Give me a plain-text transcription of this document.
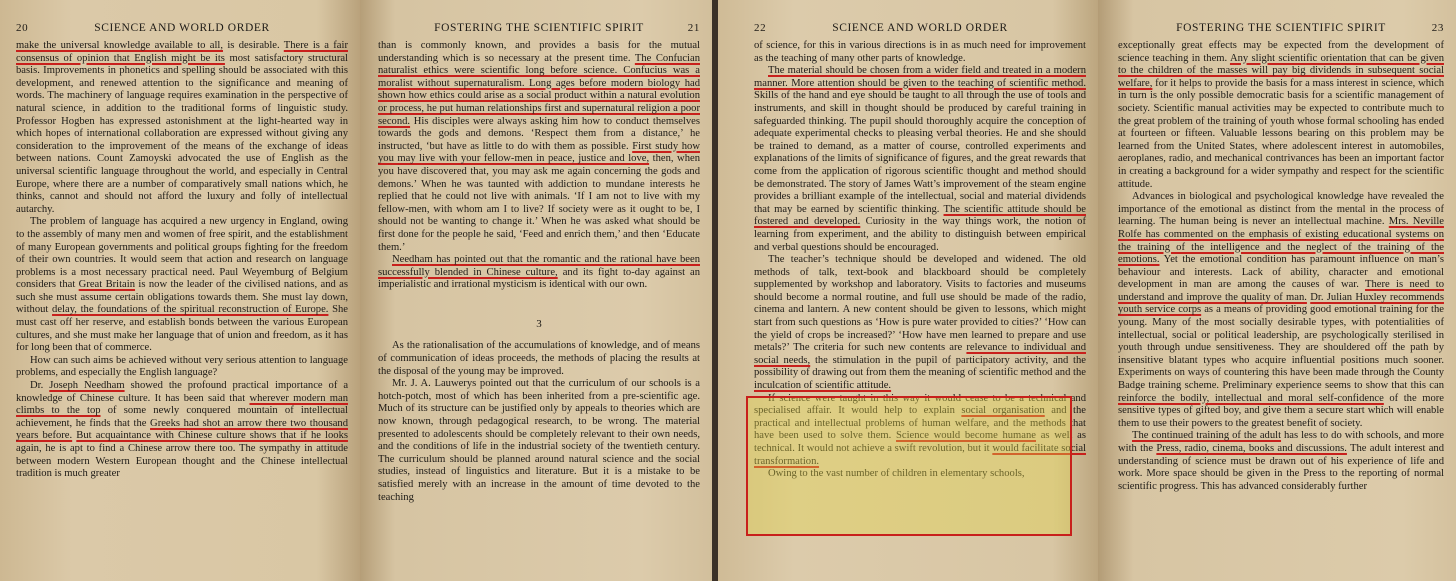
20	SCIENCE AND WORLD ORDER

make the universal knowledge available to all, is desirable. There is a fair consensus of opinion that English might be its most satisfactory structural basis. Improvements in phonetics and spelling should be associated with this development, and renewed attention to the significance and meaning of words. The machinery of language requires examination in the perspective of natural science, in addition to the traditional forms of linguistic study. Professor Hogben has expressed astonishment at the light-hearted way in which hopes of international collaboration are expressed without giving any consideration to the improvement of the means of the exchange of ideas between nations. Count Zamoyski advocated the use of English as the universal scientific language throughout the world, and especially in Central Europe, where there are a number of comparatively small nations which, he thinks, cannot and should not afford the luxury and folly of intellectual autarchy.

The problem of language has acquired a new urgency in England, owing to the assembly of many men and women of free spirit, and the establishment of many European governments and political groups fighting for the freedom of their own countries. It would seem that action and research on language problems is a most necessary practical need. Paul Weyemburg of Belgium considers that Great Britain is now the leader of the civilised nations, and as such she must assume certain obligations towards them. She must lay down, without delay, the foundations of the spiritual reconstruction of Europe. She must cast off her reserve, and establish bonds between the various European cultures, and she must make her language that of union and freedom, as it has for long been that of commerce.

How can such aims be achieved without very serious attention to language problems, and especially the English language?

Dr. Joseph Needham showed the profound practical importance of a knowledge of Chinese culture. It has been said that wherever modern man climbs to the top of some newly conquered mountain of intellectual achievement, he finds that the Greeks had shot an arrow there two thousand years before. But acquaintance with Chinese culture shows that if he looks again, he is apt to find a Chinese arrow there too. The sympathy in attitude between modern Western European thought and the Chinese intellectual tradition is much greater

FOSTERING THE SCIENTIFIC SPIRIT	21

than is commonly known, and provides a basis for the mutual understanding which is so necessary at the present time. The Confucian naturalist ethics were scientific long before science. Confucius was a moralist without supernaturalism. Long ages before modern biology had shown how ethics could arise as a social product within a natural evolution or process, he put human relationships first and supernatural religion a poor second. His disciples were always asking him how to conduct themselves towards the gods and demons. ‘Respect them from a distance,’ he instructed, ‘but have as little to do with them as possible. First study how you may live with your fellow-men in peace, justice and love, then, when you have discovered that, you may ask me again concerning the gods and demons.’ When he was taunted with addiction to mundane interests he replied that he could not live with animals. ‘If I am not to live with my fellow-men, with whom am I to live? If society were as it ought to be, I should not be wanting to change it.’ When he was asked what should be first done for the people he said, ‘Feed and enrich them,’ and then ‘Educate them.’

Needham has pointed out that the romantic and the rational have been successfully blended in Chinese culture, and its fight to-day against an imperialistic and irrational mysticism is identical with our own.

3

As the rationalisation of the accumulations of knowledge, and of means of communication of ideas proceeds, the methods of placing the results at the disposal of the young may be improved.

Mr. J. A. Lauwerys pointed out that the curriculum of our schools is a hotch-potch, most of which has been inherited from a pre-scientific age. Much of its structure can be justified only by appeals to theories which are now known, through pedagogical research, to be wrong. The material presented to adolescents should be completely relevant to their own needs, and the conditions of life in the industrial society of the twentieth century. The curriculum should be planned around natural science and the social studies, instead of linguistics and literature. But it is a mistake to be satisfied merely with an increase in the amount of time devoted to the teaching

22	SCIENCE AND WORLD ORDER

of science, for this in various directions is in as much need for improvement as the teaching of many other parts of knowledge.

The material should be chosen from a wider field and treated in a modern manner. More attention should be given to the teaching of scientific method. Skills of the hand and eye should be taught to all through the use of tools and instruments, and skill in thought should be produced by careful training in safeguarded thinking. The pupil should thoroughly acquire the conception of adequate experimental checks to pleasing verbal theories. He and she should be trained to demand, as a matter of course, controlled experiments and explanations of the limits of significance of figures, and the great rewards that come from the application of rigorous scientific thought and method should be demonstrated. The story of James Watt’s improvement of the steam engine provides a brilliant example of the intellectual, social and material dividends that may be earned by scientific thinking. The scientific attitude should be fostered and developed. Curiosity in the way things work, the notion of learning from experiment, and the ability to distinguish between empirical and verbal questions should be encouraged.

The teacher’s technique should be developed and widened. The old methods of talk, text-book and blackboard should be completely supplemented by workshop and laboratory. Visits to factories and museums should become a normal routine, and full use should be made of the radio, cinema and lantern. A new content should be given to lessons, which might start from such questions as ‘How is pure water provided to cities?’ ‘How can the yield of crops be increased?’ ‘How have men learned to prepare and use metals?’ The criteria for such new contents are relevance to individual and social needs, the stimulation in the pupil of participatory activity, and the possibility of drawing out from them the meaning of scientific method and the inculcation of scientific attitude.

If science were taught in this way it would cease to be a technical and specialised affair. It would help to explain social organisation and the practical and intellectual problems of human welfare, and the methods that have been used to solve them. Science would become humane as well as technical. It would not achieve a swift revolution, but it would facilitate social transformation.

Owing to the vast number of children in elementary schools,

FOSTERING THE SCIENTIFIC SPIRIT	23

exceptionally great effects may be expected from the development of science teaching in them. Any slight scientific orientation that can be given to the children of the masses will pay big dividends in subsequent social welfare, for it helps to provide the basis for a mass interest in science, which in turn is the only possible democratic basis for a scientific management of society. Scientific manual activities may be expected to contribute much to the great problem of the training of youth whose formal schooling has ended at fourteen or fifteen. Valuable lessons bearing on this problem may be learned from the United States, where adolescent interest in automobiles, aeroplanes, radio, and mechanical contrivances has been an important factor in creating a background for a wider sympathy and respect for the scientific attitude.

Advances in biological and psychological knowledge have revealed the importance of the emotional as distinct from the mental in the process of learning. The human being is never an intellectual machine. Mrs. Neville Rolfe has commented on the emphasis of existing educational systems on the training of the intelligence and the neglect of the training of the emotions. Yet the emotional condition has paramount influence on man’s behaviour and interests. Lack of ability, character and emotional development in man are among the causes of war. There is need to understand and improve the quality of man. Dr. Julian Huxley recommends youth service corps as a means of providing good emotional training for the young. Many of the most socially desirable types, with potentialities of intellectual, social or political leadership, are psychologically sterilised in youth through undue sensitiveness. They are shouldered off the path by insensitive blatant types who acquire influential positions much sooner. Experiments on ways of countering this have been made through the County Badge training scheme. Preliminary experience seems to show that this can reinforce the bodily, intellectual and moral self-confidence of the more sensitive types of gifted boy, and give them a secure start which will enable them to use their powers to the greatest benefit of society.

The continued training of the adult has less to do with schools, and more with the Press, radio, cinema, books and discussions. The adult interest and understanding of science must be drawn out of his experience of life and work. More space should be given in the Press to the reporting of normal scientific progress. This has advanced considerably further
